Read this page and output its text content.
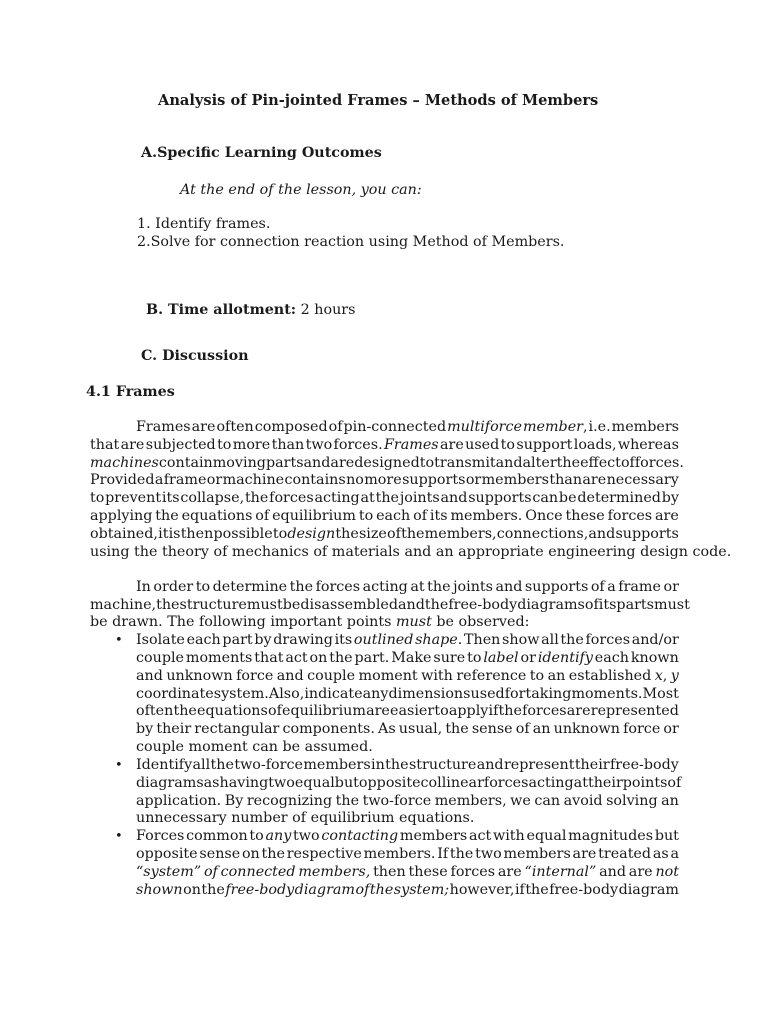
Analysis of Pin-jointed Frames – Methods of Members
A.Specific Learning Outcomes
At the end of the lesson, you can:
1. Identify frames.
2.Solve for connection reaction using Method of Members.
B. Time allotment: 2 hours
C. Discussion
4.1 Frames
Frames are often composed of pin-connected multiforce member, i.e. members
that are subjected to more than two forces. Frames are used to support loads, whereas
machines contain moving parts and are designed to transmit and alter the effect of forces.
Provided a frame or machine contains no more supports or members than are necessary
to prevent its collapse, the forces acting at the joints and supports can be determined by
applying the equations of equilibrium to each of its members. Once these forces are
obtained, it is then possible to design the size of the members, connections, and supports
using the theory of mechanics of materials and an appropriate engineering design code.
In order to determine the forces acting at the joints and supports of a frame or
machine, the structure must be disassembled and the free-body diagrams of its parts must
be drawn. The following important points must be observed:
• Isolate each part by drawing its outlined shape. Then show all the forces and/or
couple moments that act on the part. Make sure to label or identify each known
and unknown force and couple moment with reference to an established x, y
coordinate system. Also, indicate any dimensions used for taking moments. Most
often the equations of equilibrium are easier to apply if the forces are represented
by their rectangular components. As usual, the sense of an unknown force or
couple moment can be assumed.
• Identify all the two-force members in the structure and represent their free-body
diagrams as having two equal but opposite collinear forces acting at their points of
application. By recognizing the two-force members, we can avoid solving an
unnecessary number of equilibrium equations.
• Forces common to any two contacting members act with equal magnitudes but
opposite sense on the respective members. If the two members are treated as a
“system” of connected members, then these forces are “internal” and are not
shown on the free-body diagram of the system; however, if the free-body diagram
